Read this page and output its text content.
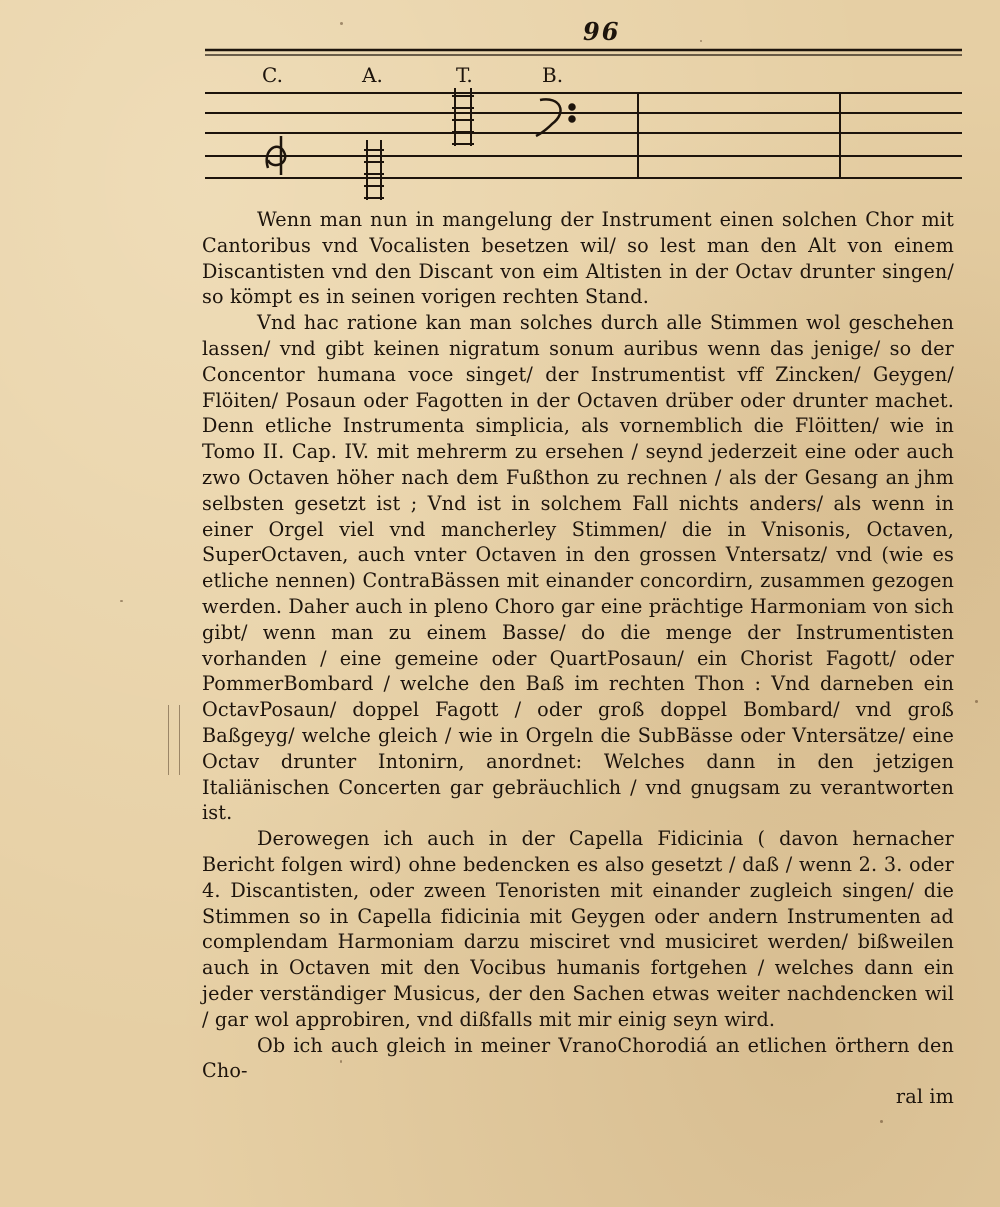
96
C.	A.	T.	B.

Wenn man nun in mangelung der Instrument einen solchen Chor mit Cantoribus vnd Vocalisten besetzen wil/ so lest man den Alt von einem Discantisten vnd den Discant von eim Altisten in der Octav drunter singen/ so kömpt es in seinen vorigen rechten Stand.

Vnd hac ratione kan man solches durch alle Stimmen wol geschehen lassen/ vnd gibt keinen nigratum sonum auribus wenn das jenige/ so der Concentor humana voce singet/ der Instrumentist vff Zincken/ Geygen/ Flöiten/ Posaun oder Fagotten in der Octaven drüber oder drunter machet. Denn etliche Instrumenta simplicia, als vornemblich die Flöitten/ wie in Tomo II. Cap. IV. mit mehrerm zu ersehen / seynd jederzeit eine oder auch zwo Octaven höher nach dem Fußthon zu rechnen / als der Gesang an jhm selbsten gesetzt ist ; Vnd ist in solchem Fall nichts anders/ als wenn in einer Orgel viel vnd mancherley Stimmen/ die in Vnisonis, Octaven, SuperOctaven, auch vnter Octaven in den grossen Vntersatz/ vnd (wie es etliche nennen) ContraBässen mit einander concordirn, zusammen gezogen werden. Daher auch in pleno Choro gar eine prächtige Harmoniam von sich gibt/ wenn man zu einem Basse/ do die menge der Instrumentisten vorhanden / eine gemeine oder QuartPosaun/ ein Chorist Fagott/ oder PommerBombard / welche den Baß im rechten Thon : Vnd darneben ein OctavPosaun/ doppel Fagott / oder groß doppel Bombard/ vnd groß Baßgeyg/ welche gleich / wie in Orgeln die SubBässe oder Vntersätze/ eine Octav drunter Intonirn, anordnet: Welches dann in den jetzigen Italiänischen Concerten gar gebräuchlich / vnd gnugsam zu verantworten ist.

Derowegen ich auch in der Capella Fidicinia ( davon hernacher Bericht folgen wird) ohne bedencken es also gesetzt / daß / wenn 2. 3. oder 4. Discantisten, oder zween Tenoristen mit einander zugleich singen/ die Stimmen so in Capella fidicinia mit Geygen oder andern Instrumenten ad complendam Harmoniam darzu misciret vnd musiciret werden/ bißweilen auch in Octaven mit den Vocibus humanis fortgehen / welches dann ein jeder verständiger Musicus, der den Sachen etwas weiter nachdencken wil / gar wol approbiren, vnd dißfalls mit mir einig seyn wird.

Ob ich auch gleich in meiner VranoChorodiá an etlichen örthern den Cho-

ral im
